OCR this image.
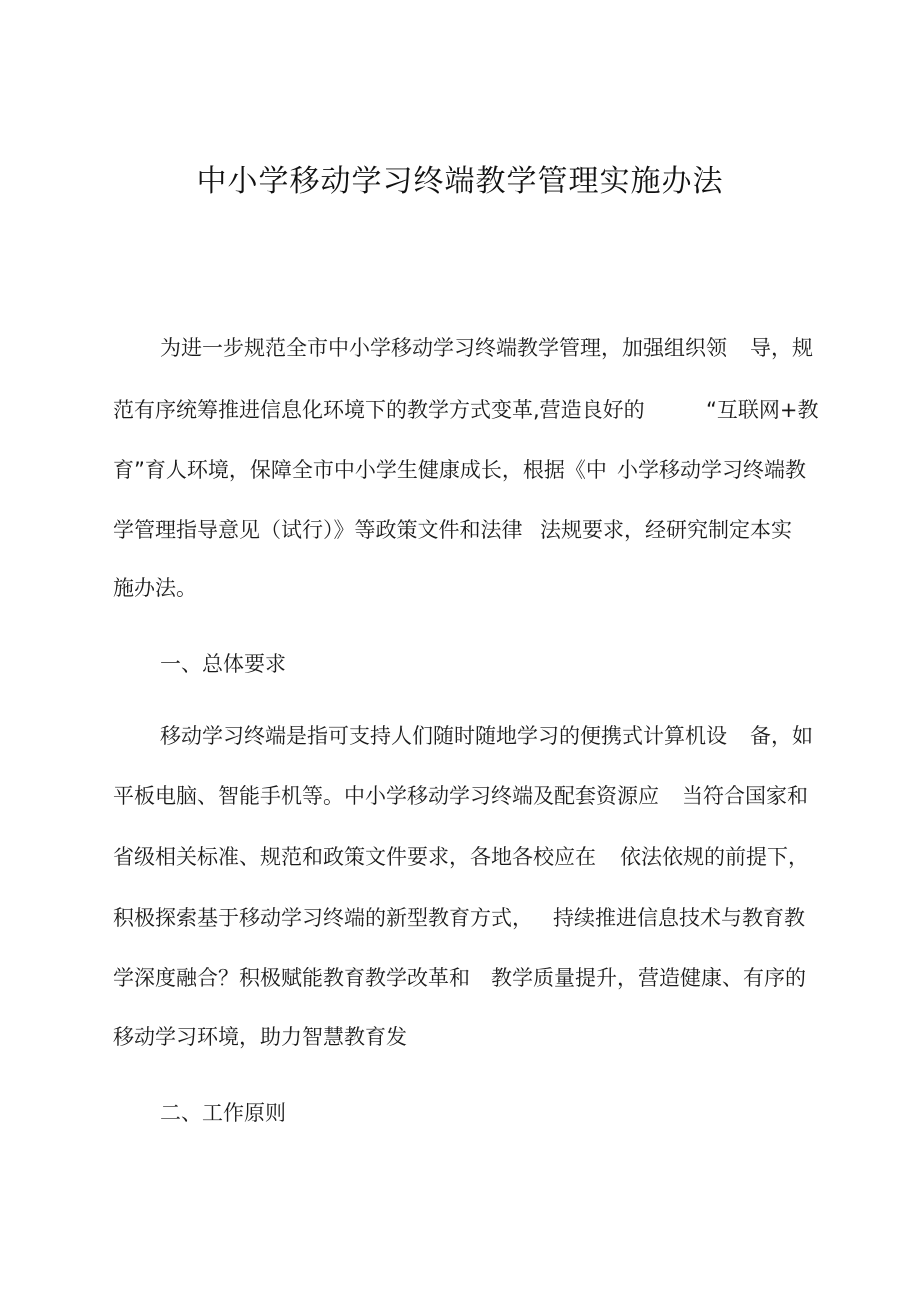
中小学移动学习终端教学管理实施办法
为进一步规范全市中小学移动学习终端教学管理，加强组织领 导，规
范有序统筹推进信息化环境下的教学方式变革,营造良好的	“互联网+教
育”育人环境，保障全市中小学生健康成长，根据《中 小学移动学习终端教
学管理指导意见（试行）》等政策文件和法律 法规要求，经研究制定本实
施办法。
一、总体要求
移动学习终端是指可支持人们随时随地学习的便携式计算机设 备，如
平板电脑、智能手机等。中小学移动学习终端及配套资源应 当符合国家和
省级相关标准、规范和政策文件要求，各地各校应在 依法依规的前提下，
积极探索基于移动学习终端的新型教育方式， 持续推进信息技术与教育教
学深度融合？积极赋能教育教学改革和 教学质量提升，营造健康、有序的
移动学习环境，助力智慧教育发
二、工作原则
